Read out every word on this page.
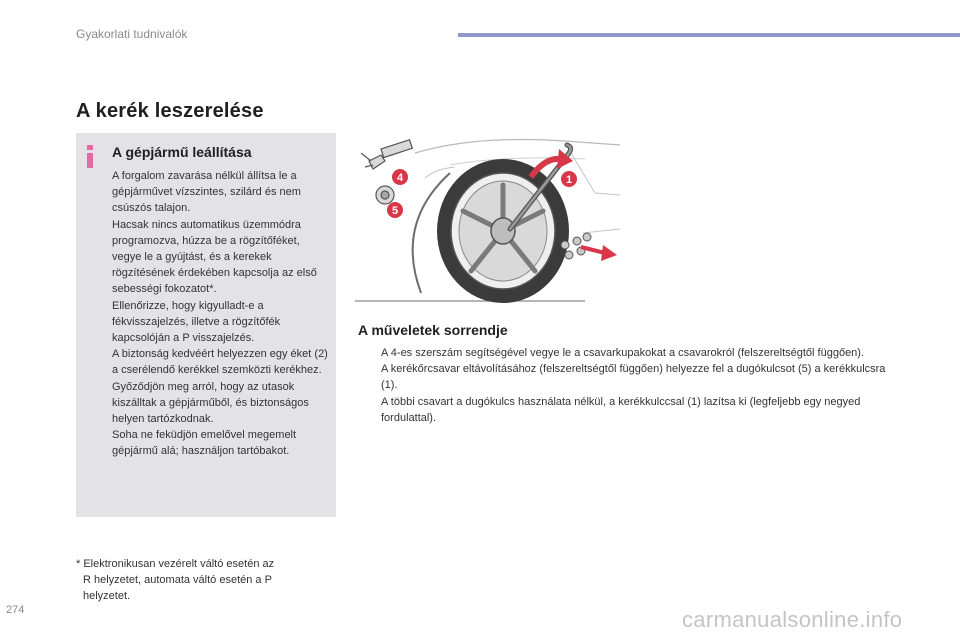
Gyakorlati tudnivalók
A kerék leszerelése
A gépjármű leállítása

A forgalom zavarása nélkül állítsa le a gépjárművet vízszintes, szilárd és nem csúszós talajon.

Hacsak nincs automatikus üzemmódra programozva, húzza be a rögzítőféket, vegye le a gyújtást, és a kerekek rögzítésének érdekében kapcsolja az első sebességi fokozatot*.

Ellenőrizze, hogy kigyulladt-e a fékvisszajelzés, illetve a rögzítőfék kapcsolóján a P visszajelzés.

A biztonság kedvéért helyezzen egy éket (2) a cserélendő kerékkel szemközti kerékhez.

Győződjön meg arról, hogy az utasok kiszálltak a gépjárműből, és biztonságos helyen tartózkodnak.

Soha ne feküdjön emelővel megemelt gépjármű alá; használjon tartóbakot.

* Elektronikusan vezérelt váltó esetén az
R helyzetet, automata váltó esetén a P
helyzetet.
4
5
1
A műveletek sorrendje
A 4-es szerszám segítségével vegye le a csavarkupakokat a csavarokról (felszereltségtől függően).
A kerékőrcsavar eltávolításához (felszereltségtől függően) helyezze fel a dugókulcsot (5) a kerékkulcsra (1).
A többi csavart a dugókulcs használata nélkül, a kerékkulccsal (1) lazítsa ki (legfeljebb egy negyed fordulattal).
274	carmanualsonline.info
